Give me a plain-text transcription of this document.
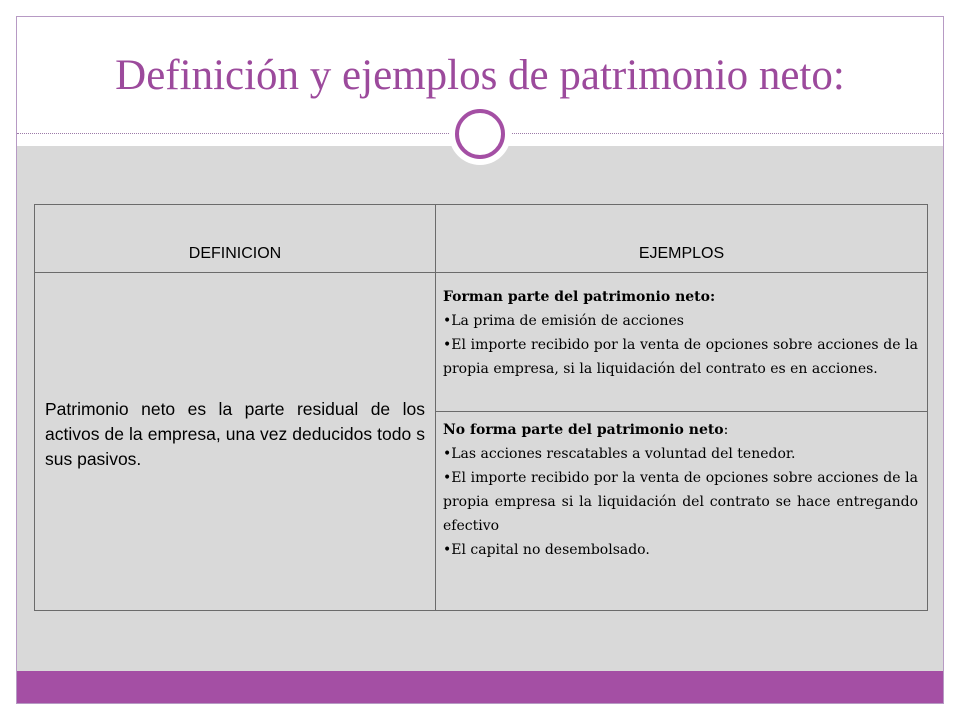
Definición y ejemplos de patrimonio neto:
DEFINICION	EJEMPLOS
Patrimonio neto es la parte residual de los activos de la empresa, una vez deducidos todo s sus pasivos.
Forman parte del patrimonio neto:
•La prima de emisión de acciones
•El importe recibido por la venta de opciones sobre acciones de la propia empresa, si la liquidación del contrato es en acciones.
No forma parte del patrimonio neto:
•Las acciones rescatables a voluntad del tenedor.
•El importe recibido por la venta de opciones sobre acciones de la propia empresa si la liquidación del contrato se hace entregando efectivo
•El capital no desembolsado.
